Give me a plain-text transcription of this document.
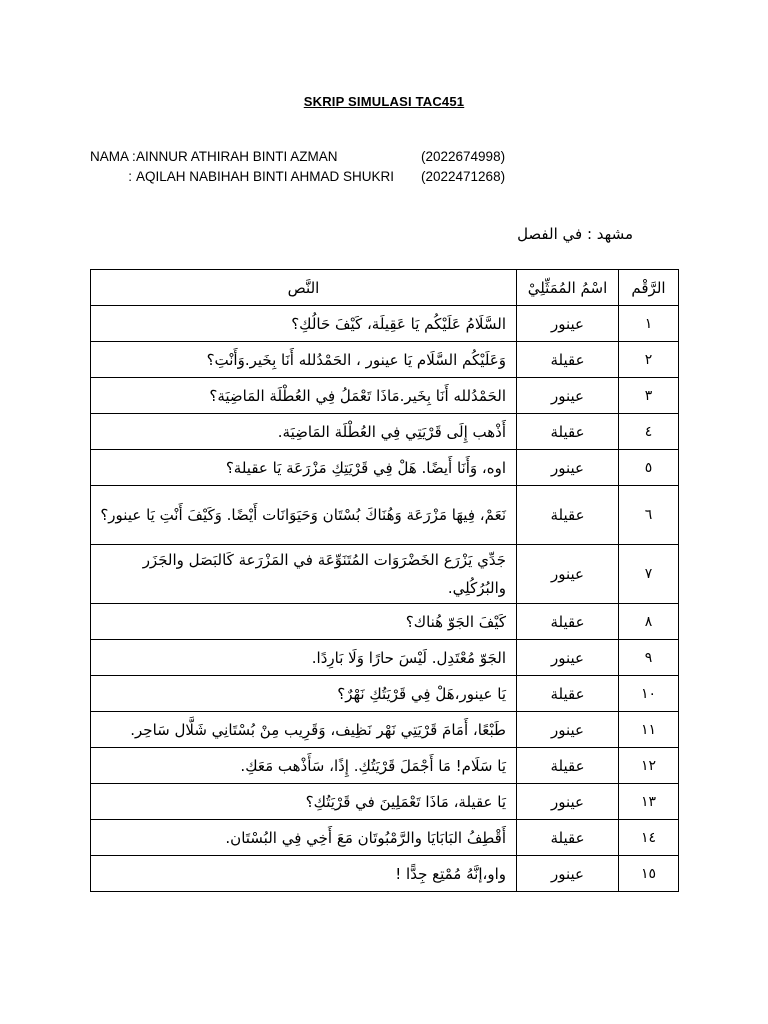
SKRIP SIMULASI TAC451
NAMA : AINNUR ATHIRAH BINTI AZMAN	(2022674998)
: AQILAH NABIHAH BINTI AHMAD SHUKRI	(2022471268)
مشهد : في الفصل
النَّص	اسْمُ المُمَثِّلِيْ	الرَّقْم
السَّلَامُ عَلَيْكُم يَا عَقِيلَة، كَيْفَ حَالُكِ؟	عينور	١
وَعَلَيْكُم السَّلَام يَا عينور ، الحَمْدُلله أَنَا بِخَير.وَأَنْتِ؟	عقيلة	٢
الحَمْدُلله أَنَا بِخَير.مَاذَا تَعْمَلُ فِي العُطْلَة المَاضِيَة؟	عينور	٣
أَذْهب إِلَى قَرْيَتِي فِي العُطْلَة المَاضِيَة.	عقيلة	٤
اوه، وَأَنَا أَيضًا. هَلْ فِي قَرْيَتِكِ مَزْرَعَة يَا عقيلة؟	عينور	٥
نَعَمْ، فِيهَا مَزْرَعَة وَهُنَاكَ بُسْتَان وَحَيَوَانَات أَيْضًا. وَكَيْفَ أَنْتِ يَا عينور؟	عقيلة	٦
جَدِّي يَزْرَع الخَضْرَوَات المُتَنَوِّعَة في المَزْرَعة كَالبَصَل والجَزَر والبُرُكُلِي.	عينور	٧
كَيْفَ الجَوّ هُناك؟	عقيلة	٨
الجَوّ مُعْتَدِل. لَيْسَ حارًا وَلَا بَارِدًا.	عينور	٩
يَا عينور،هَلْ فِي قَرْيَتُكِ نَهْرٌ؟	عقيلة	١٠
طَبْعًا، أَمَامَ قَرْيَتِي نَهْر نَظِيف، وَقَرِيب مِنْ بُسْتَانِي شَلَّال سَاحِر.	عينور	١١
يَا سَلَام! مَا أَجْمَلَ قَرْيَتُكِ. إِذًا، سَأَذْهب مَعَكِ.	عقيلة	١٢
يَا عقيلة، مَاذَا تَعْمَلِينَ في قَرْيَتُكِ؟	عينور	١٣
أَقْطِفُ البَابَايَا والرَّمْبُوتَان مَعَ أَخِي فِي البُسْتَان.	عقيلة	١٤
واو،إنَّهُ مُمْتِع جِدًّا !	عينور	١٥
